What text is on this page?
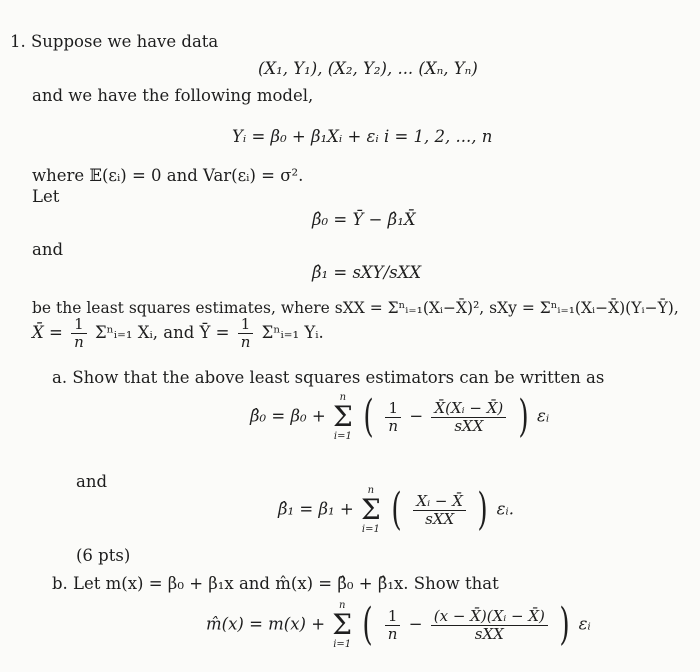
1. Suppose we have data
(X₁, Y₁), (X₂, Y₂), ... (Xₙ, Yₙ)
and we have the following model,
Yᵢ = β₀ + β₁Xᵢ + εᵢ i = 1, 2, ..., n
where 𝔼(εᵢ) = 0 and Var(εᵢ) = σ².
Let
β̂₀ = Ȳ − β̂₁X̄
and
β̂₁ = sXY/sXX
be the least squares estimates, where sXX = Σⁿᵢ₌₁(Xᵢ−X̄)², sXy = Σⁿᵢ₌₁(Xᵢ−X̄)(Yᵢ−Ȳ),
X̄ = $\frac{1}{n}$ Σⁿᵢ₌₁ Xᵢ, and Ȳ = $\frac{1}{n}$ Σⁿᵢ₌₁ Yᵢ.
a. Show that the above least squares estimators can be written as
β̂₀ = β₀ +
n
Σ
i=1 ( $\frac{1}{n} - \frac{\text{X̄(Xᵢ − X̄)}}{\text{sXX}}$ ) εᵢ
and
β̂₁ = β₁ +
n
Σ
i=1 ( $\frac{\text{Xᵢ − X̄}}{\text{sXX}}$ ) εᵢ.
(6 pts)
b. Let m(x) = β₀ + β₁x and m̂(x) = β̂₀ + β̂₁x. Show that
m̂(x) = m(x) +
n
Σ
i=1 ( $\frac{1}{n} - \frac{\text{(x − X̄)(Xᵢ − X̄)}}{\text{sXX}}$ ) εᵢ
